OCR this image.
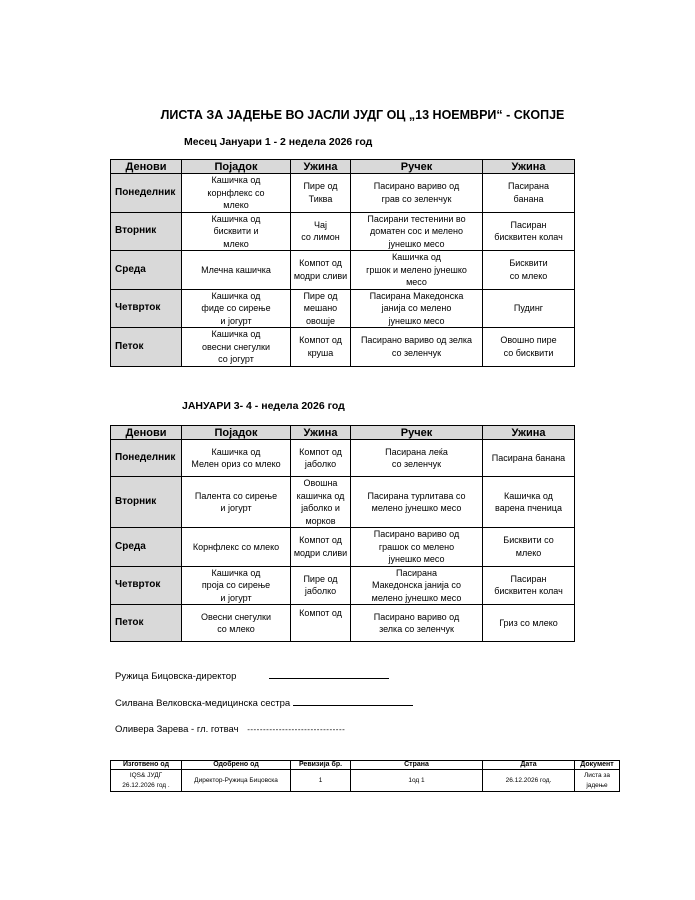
ЛИСТА ЗА ЈАДЕЊЕ ВО ЈАСЛИ ЈУДГ ОЦ „13 НОЕМВРИ“ - СКОПЈЕ
Месец Јануари 1 - 2 недела 2026 год
Денови	Појадок	Ужина	Ручек	Ужина
Понеделник	Кашичка од
корнфлекс со
млеко	Пире од
Тиква	Пасирано вариво од
грав со зеленчук	Пасирана
банана
Вторник	Кашичка од
бисквити и
млеко	Чај
со лимон	Пасирани тестенини во
доматен сос и мелено
јунешко месо	Пасиран
бисквитен колач
Среда	Млечна кашичка	Компот од
модри сливи	Кашичка од
гршок и мелено јунешко
месо	Бисквити
со млеко
Четврток	Кашичка од
фиде со сирење
и јогурт	Пире од
мешано
овошје	Пасирана Македонска
јанија со мелено
јунешко месо	Пудинг
Петок	Кашичка од
овесни снегулки
со јогурт	Компот од
круша	Пасирано вариво од зелка
со зеленчук	Овошно пире
со бисквити
ЈАНУАРИ 3- 4 - недела 2026 год
Денови	Појадок	Ужина	Ручек	Ужина
Понеделник	Кашичка од
Мелен ориз со млеко	Компот од
јаболко	Пасирана леќа
со зеленчук	Пасирана банана
Вторник	Палента со сирење
и јогурт	Овошна
кашичка од
јаболко и
морков	Пасирана турлитава со
мелено јунешко месо	Кашичка од
варена пченица
Среда	Корнфлекс со млеко	Компот од
модри сливи	Пасирано вариво од
грашок со мелено
јунешко месо	Бисквити со
млеко
Четврток	Кашичка од
проја со сирење
и јогурт	Пире од
јаболко	Пасирана
Македонска јанија со
мелено јунешко месо	Пасиран
бисквитен колач
Петок	Овесни снегулки
со млеко	Компот од	Пасирано вариво од
зелка со зеленчук	Гриз со млеко
Ружица Бицовска-директор
Силвана Велковска-медицинска сестра
Оливера Зарева - гл. готвач -------------------------------
Изготвено од	Одобрено од	Ревизија бр.	Страна	Дата	Документ
IQS& ЈУДГ
26.12.2026 год .	Директор-Ружица Бицовска	1	1од 1	26.12.2026 год.	Листа за
јадење
